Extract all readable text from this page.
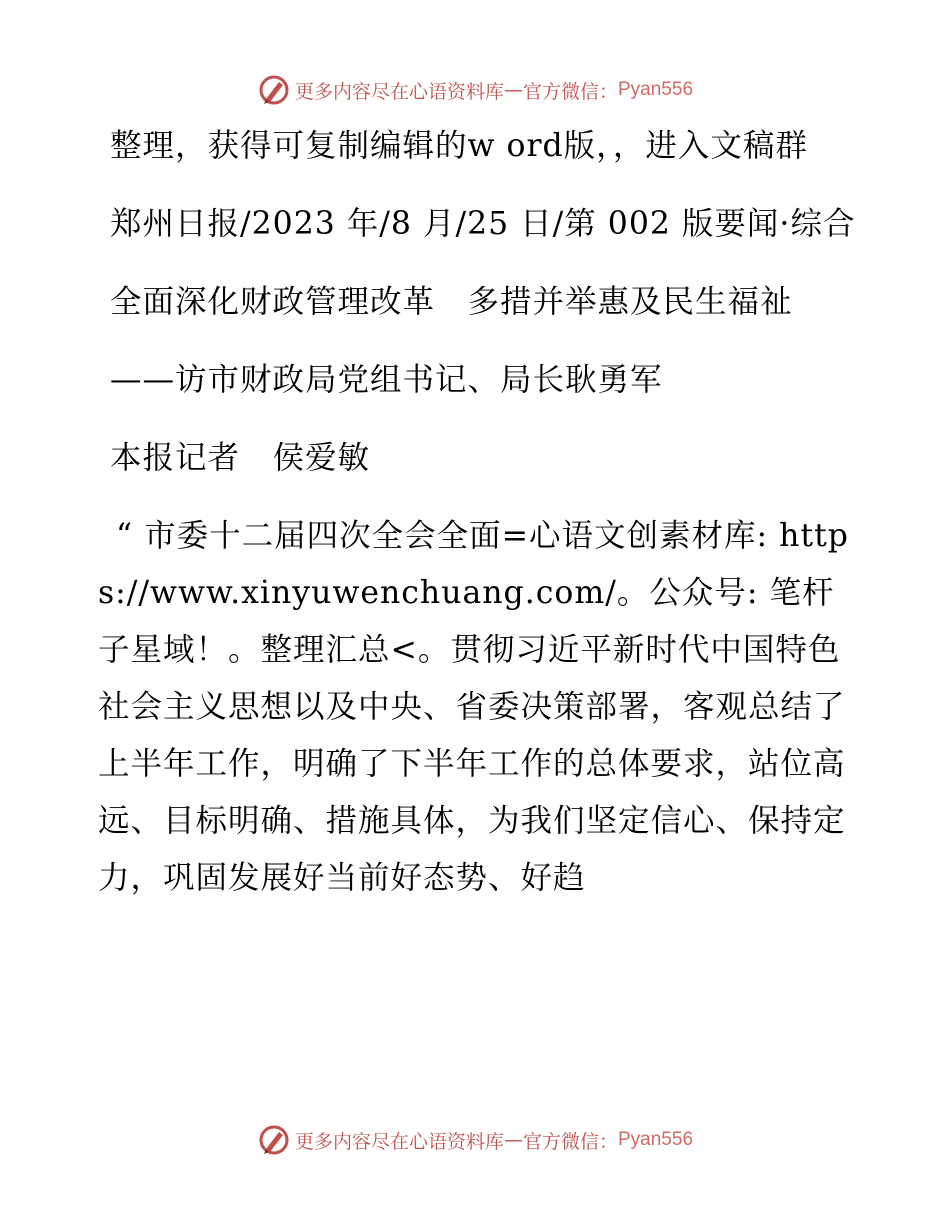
更多内容尽在心语资料库 — 官方微信： Pyan556

整理，获得可复制编辑的w ord版，，进入文稿群

郑州日报/2023 年/8 月/25 日/第 002 版要闻·综合

全面深化财政管理改革　多措并举惠及民生福祉

——访市财政局党组书记、局长耿勇军

本报记者　侯爱敏

“ 市委十二届四次全会全面=心语文创素材库: https://www.xinyuwenchuang.com/。公众号: 笔杆子星域！。整理汇总<。贯彻习近平新时代中国特色社会主义思想以及中央、省委决策部署，客观总结了上半年工作，明确了下半年工作的总体要求，站位高远、目标明确、措施具体，为我们坚定信心、保持定力，巩固发展好当前好态势、好趋

更多内容尽在心语资料库 — 官方微信： Pyan556
